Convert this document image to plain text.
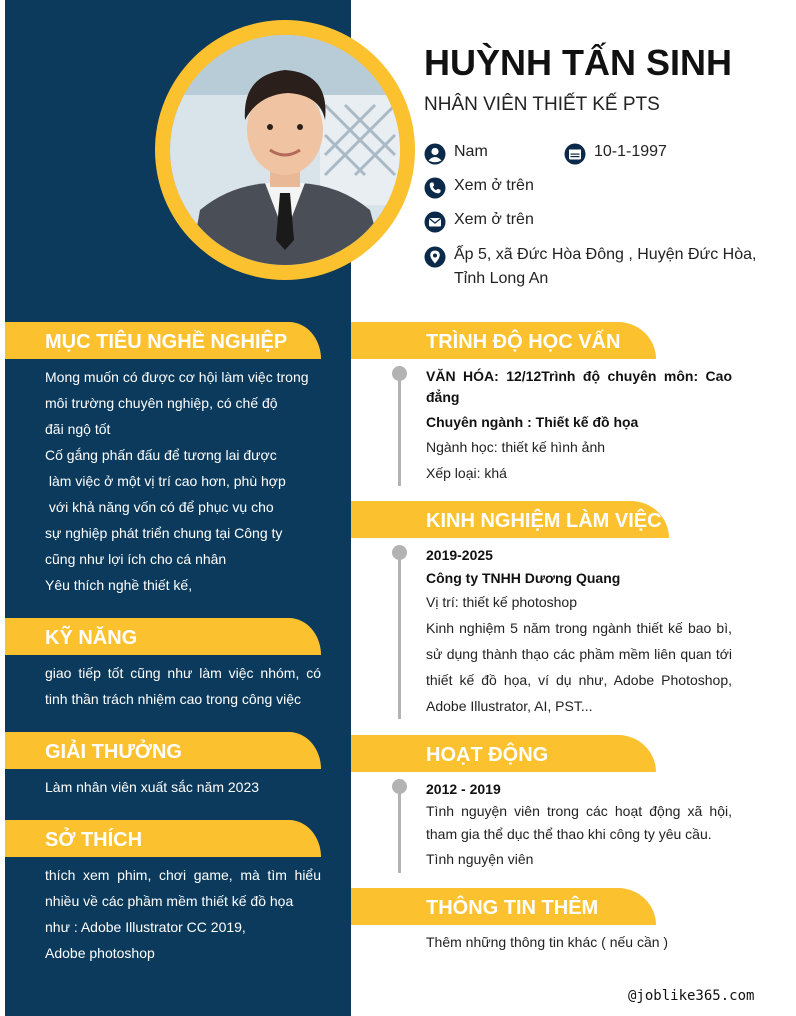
HUỲNH TẤN SINH
NHÂN VIÊN THIẾT KẾ PTS
Nam	10-1-1997
Xem ở trên
Xem ở trên
Ấp 5, xã Đức Hòa Đông , Huyện Đức Hòa,
Tỉnh Long An
MỤC TIÊU NGHỀ NGHIỆP
Mong muốn có được cơ hội làm việc trong
môi trường chuyên nghiệp, có chế độ
đãi ngộ tốt
Cố gắng phấn đấu để tương lai được
làm việc ở một vị trí cao hơn, phù hợp
với khả năng vốn có để phục vụ cho
sự nghiệp phát triển chung tại Công ty
cũng như lợi ích cho cá nhân
Yêu thích nghề thiết kế,
KỸ NĂNG
giao tiếp tốt cũng như làm việc nhóm, có tinh thần trách nhiệm cao trong công việc
GIẢI THƯỞNG
Làm nhân viên xuất sắc năm 2023
SỞ THÍCH
thích xem phim, chơi game, mà tìm hiểu nhiều về các phầm mềm thiết kế đồ họa
như : Adobe Illustrator CC 2019,
Adobe photoshop
TRÌNH ĐỘ HỌC VẤN
VĂN HÓA: 12/12Trình độ chuyên môn: Cao đẳng
Chuyên ngành : Thiết kế đồ họa
Ngành học: thiết kế hình ảnh
Xếp loại: khá
KINH NGHIỆM LÀM VIỆC
2019-2025
Công ty TNHH Dương Quang
Vị trí: thiết kế photoshop
Kinh nghiệm 5 năm trong ngành thiết kế bao bì, sử dụng thành thạo các phầm mềm liên quan tới thiết kế đồ họa, ví dụ như, Adobe Photoshop, Adobe Illustrator, AI, PST...
HOẠT ĐỘNG
2012 - 2019
Tình nguyện viên trong các hoạt động xã hội, tham gia thể dục thể thao khi công ty yêu cầu.
Tình nguyện viên
THÔNG TIN THÊM
Thêm những thông tin khác ( nếu cần )
@joblike365.com
